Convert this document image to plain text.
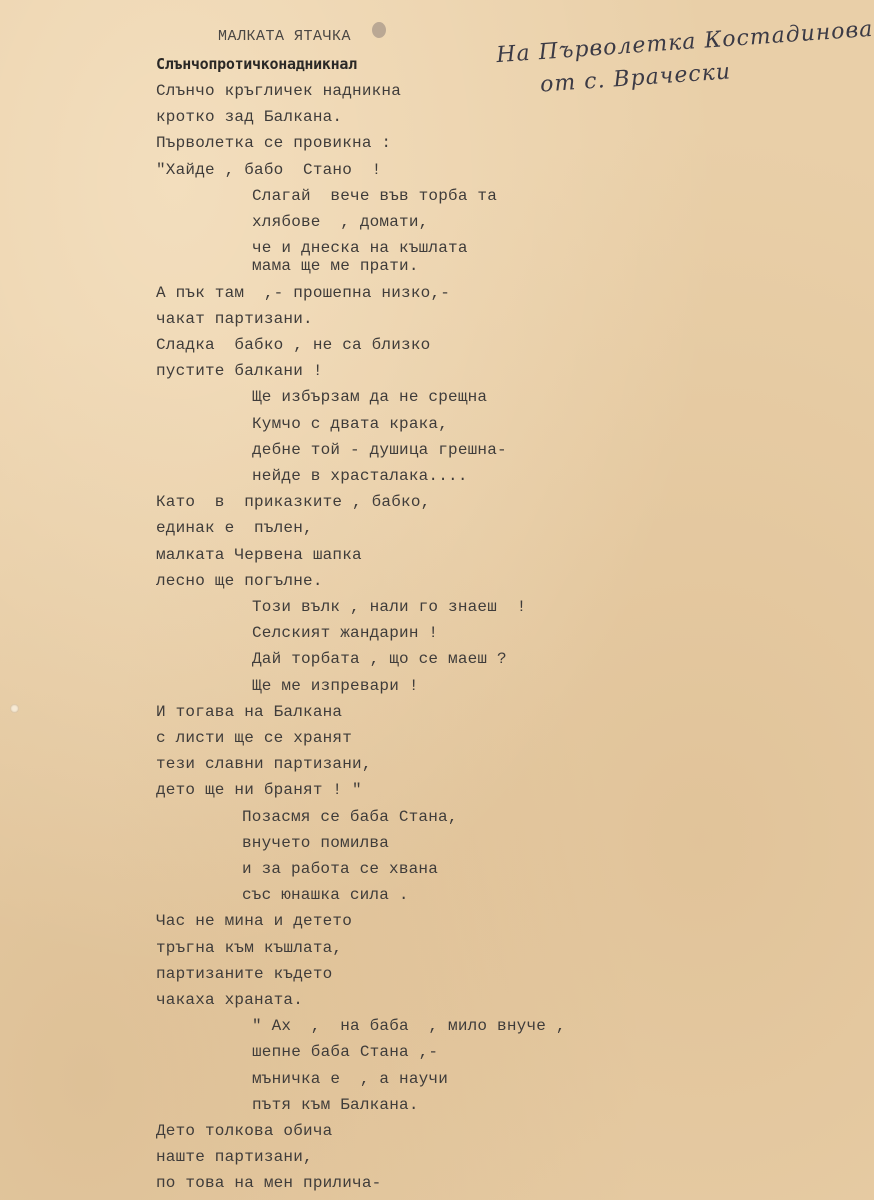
МАЛКАТА ЯТАЧКА	На Първолетка Костадинова
от с. Врачески
Слънчопротичконадникнал
Слънчо кръгличек надникна
кротко зад Балкана.
Първолетка се провикна :
"Хайде , бабо  Стано  !
Слагай  вече във торба та
хлябове  , домати,
че и днеска на къшлата
мама ще ме прати.
А пък там  ,- прошепна низко,-
чакат партизани.
Сладка  бабко , не са близко
пустите балкани !
Ще избързам да не срещна
Кумчо с двата крака,
дебне той - душица грешна-
нейде в храсталака....
Като  в  приказките , бабко,
единак е  пълен,
малката Червена шапка
лесно ще погълне.
Този вълк , нали го знаеш  !
Селският жандарин !
Дай торбата , що се маеш ?
Ще ме изпревари !
И тогава на Балкана
с листи ще се хранят
тези славни партизани,
дето ще ни бранят ! "
Позасмя се баба Стана,
внучето помилва
и за работа се хвана
със юнашка сила .
Час не мина и детето
тръгна към къшлата,
партизаните където
чакаха храната.
" Ах  ,  на баба  , мило внуче ,
шепне баба Стана ,-
мъничка е  , а научи
пътя към Балкана.
Дето толкова обича
наште партизани,
по това на мен прилича-
